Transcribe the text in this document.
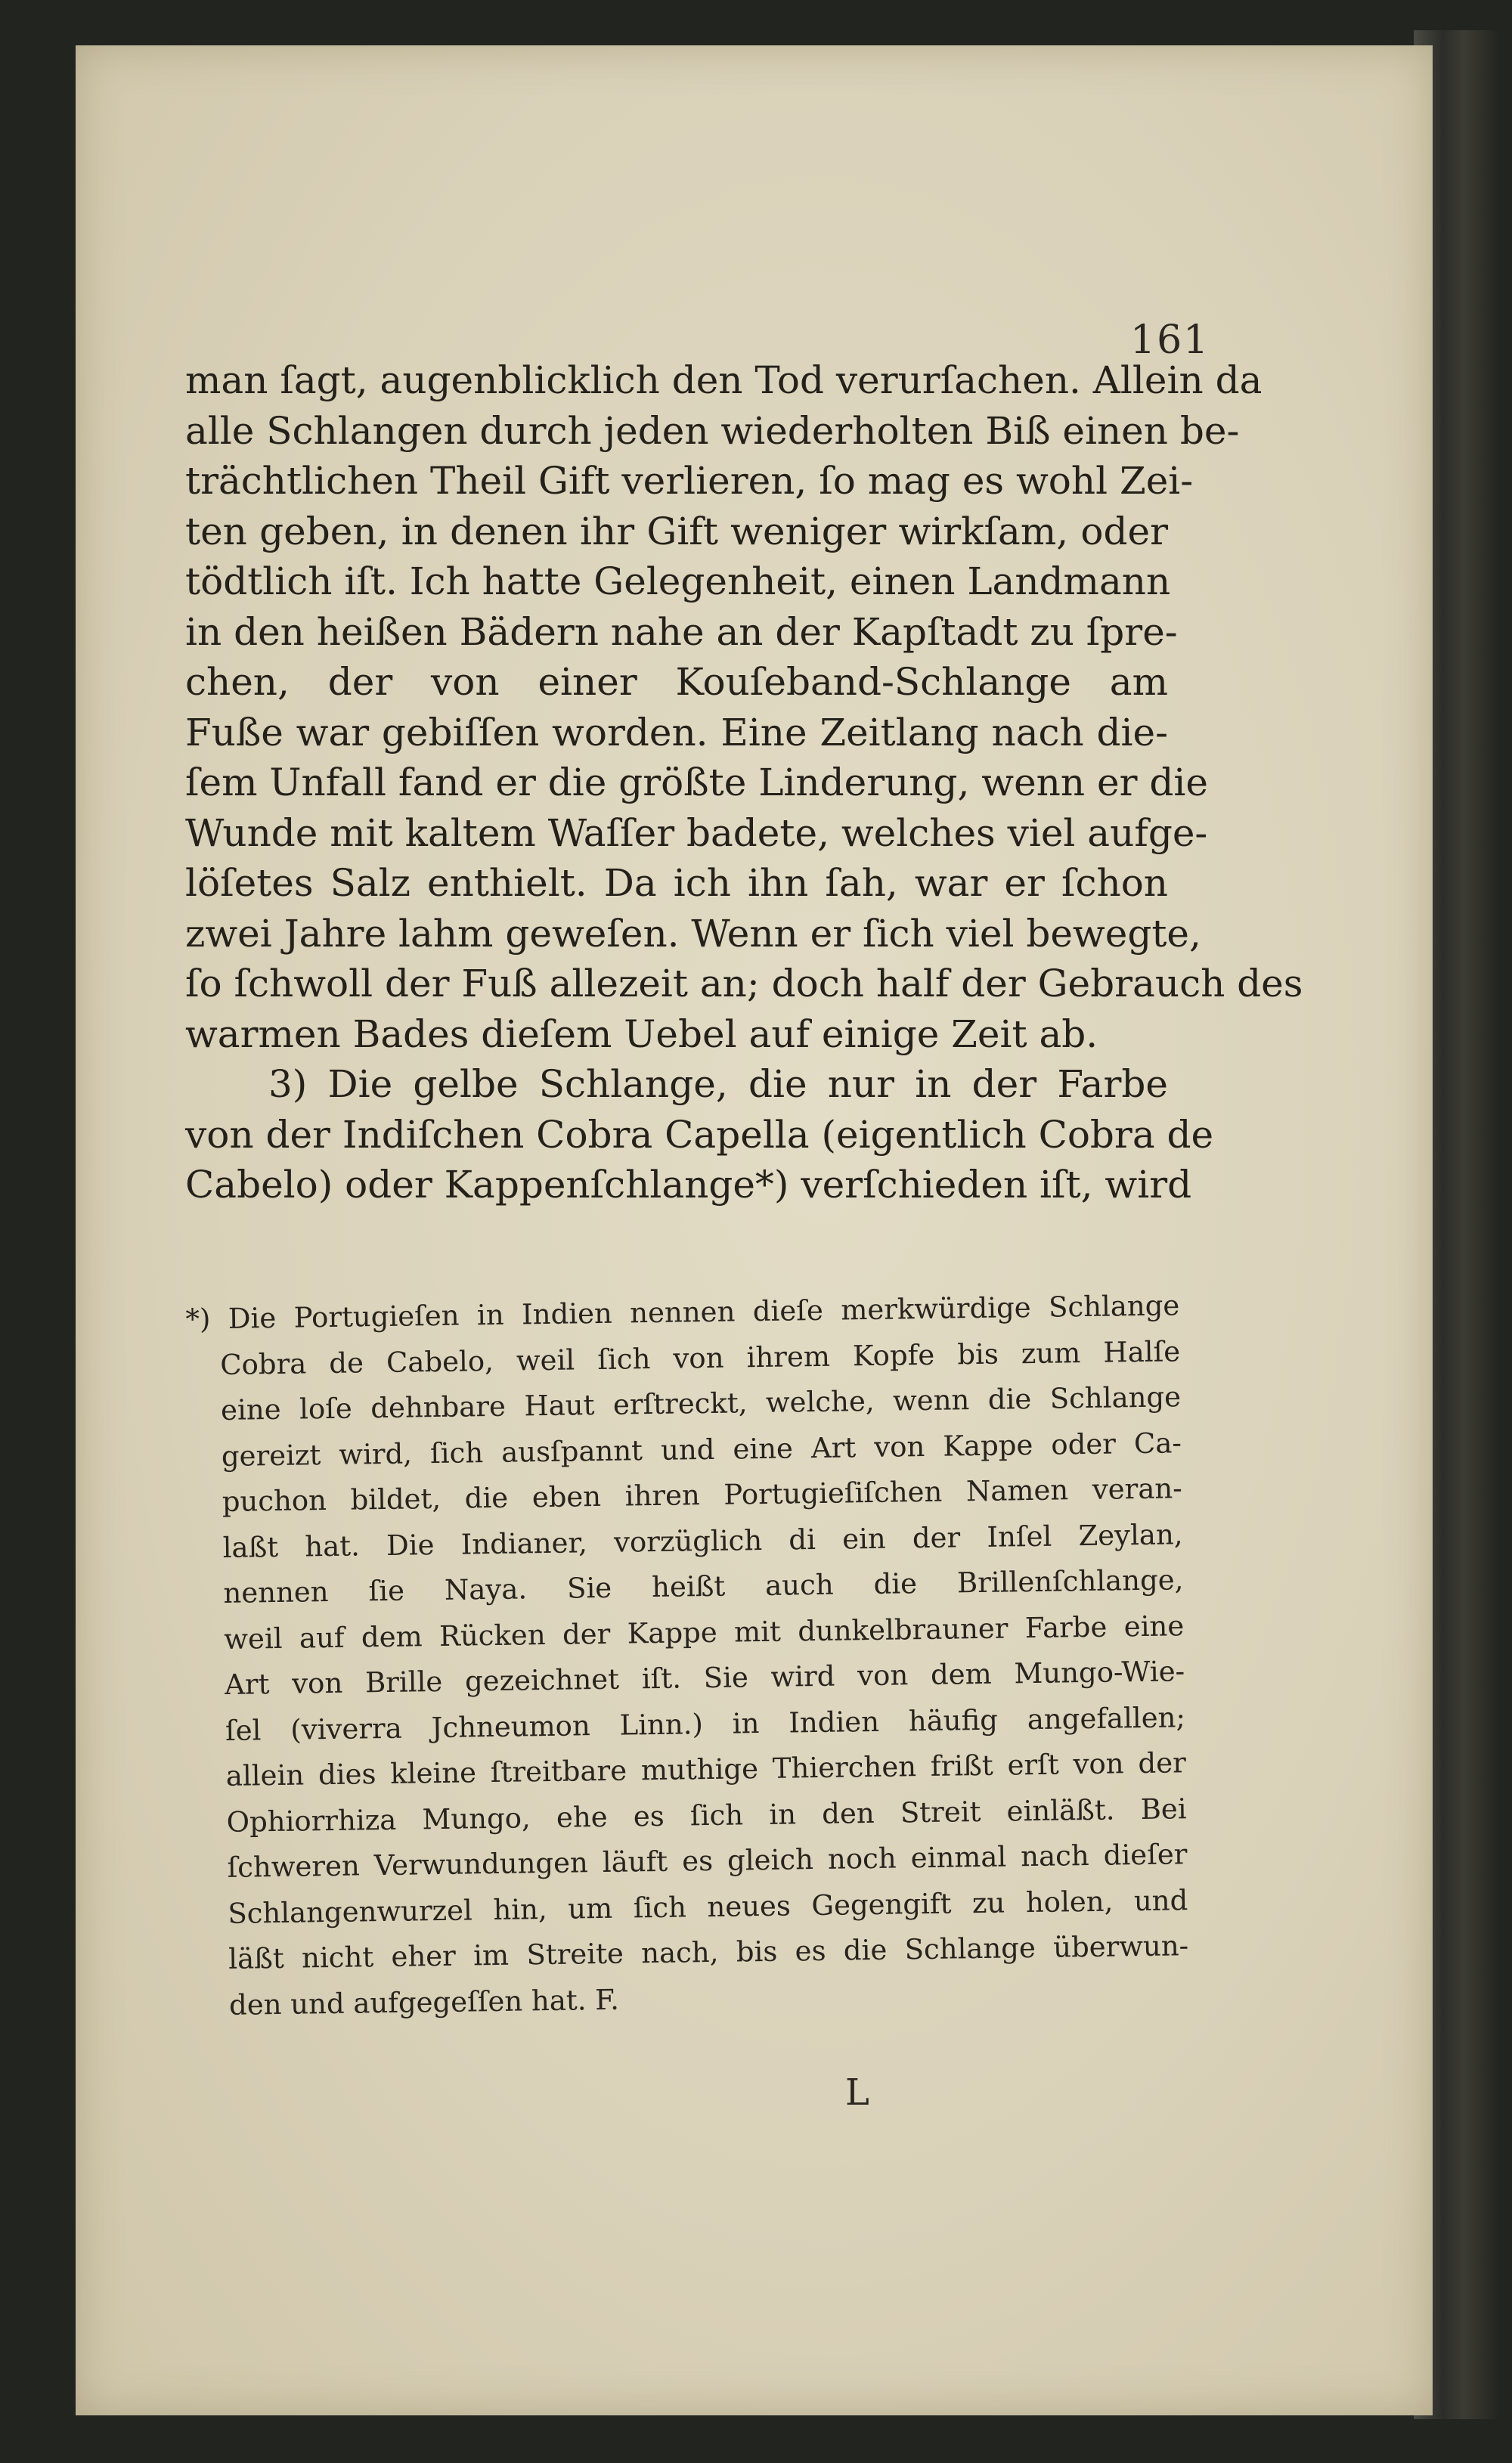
161
man ſagt, augenblicklich den Tod verurſachen. Allein da
alle Schlangen durch jeden wiederholten Biß einen be-
trächtlichen Theil Gift verlieren, ſo mag es wohl Zei-
ten geben, in denen ihr Gift weniger wirkſam, oder
tödtlich iſt. Ich hatte Gelegenheit, einen Landmann
in den heißen Bädern nahe an der Kapſtadt zu ſpre-
chen, der von einer Kouſeband-Schlange am
Fuße war gebiſſen worden. Eine Zeitlang nach die-
ſem Unfall fand er die größte Linderung, wenn er die
Wunde mit kaltem Waſſer badete, welches viel aufge-
löſetes Salz enthielt. Da ich ihn ſah, war er ſchon
zwei Jahre lahm geweſen. Wenn er ſich viel bewegte,
ſo ſchwoll der Fuß allezeit an; doch half der Gebrauch des
warmen Bades dieſem Uebel auf einige Zeit ab.
3) Die gelbe Schlange, die nur in der Farbe
von der Indiſchen Cobra Capella (eigentlich Cobra de
Cabelo) oder Kappenſchlange*) verſchieden iſt, wird
*) Die Portugieſen in Indien nennen dieſe merkwürdige Schlange
Cobra de Cabelo, weil ſich von ihrem Kopfe bis zum Halſe
eine loſe dehnbare Haut erſtreckt, welche, wenn die Schlange
gereizt wird, ſich ausſpannt und eine Art von Kappe oder Ca-
puchon bildet, die eben ihren Portugieſiſchen Namen veran-
laßt hat. Die Indianer, vorzüglich di ein der Inſel Zeylan,
nennen ſie Naya. Sie heißt auch die Brillenſchlange,
weil auf dem Rücken der Kappe mit dunkelbrauner Farbe eine
Art von Brille gezeichnet iſt. Sie wird von dem Mungo-Wie-
ſel (viverra Jchneumon Linn.) in Indien häufig angefallen;
allein dies kleine ſtreitbare muthige Thierchen frißt erſt von der
Ophiorrhiza Mungo, ehe es ſich in den Streit einläßt. Bei
ſchweren Verwundungen läuft es gleich noch einmal nach dieſer
Schlangenwurzel hin, um ſich neues Gegengift zu holen, und
läßt nicht eher im Streite nach, bis es die Schlange überwun-
den und aufgegeſſen hat. F.
L
